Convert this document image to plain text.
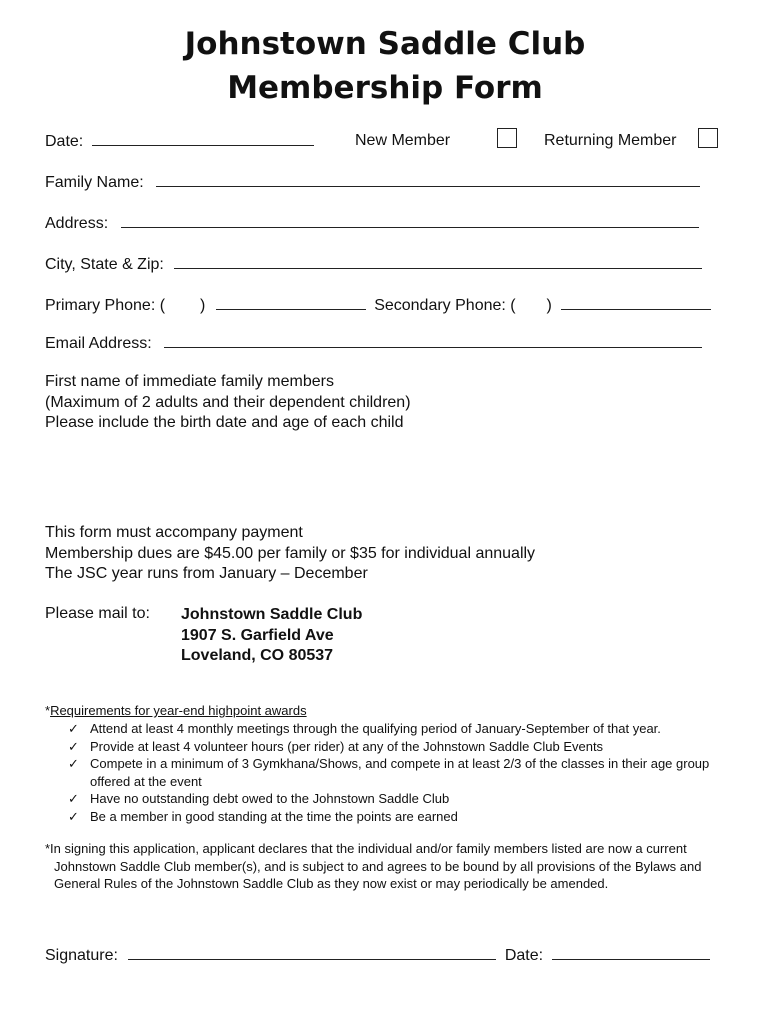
Johnstown Saddle Club
Membership Form
Date:	New Member	Returning Member
Family Name:
Address:
City, State & Zip:
Primary Phone: ( )	Secondary Phone: ( )
Email Address:
First name of immediate family members
(Maximum of 2 adults and their dependent children)
Please include the birth date and age of each child
This form must accompany payment
Membership dues are $45.00 per family or $35 for individual annually
The JSC year runs from January – December
Please mail to: Johnstown Saddle Club
1907 S. Garfield Ave
Loveland, CO 80537
*Requirements for year-end highpoint awards
✓ Attend at least 4 monthly meetings through the qualifying period of January-September of that year.
✓ Provide at least 4 volunteer hours (per rider) at any of the Johnstown Saddle Club Events
✓ Compete in a minimum of 3 Gymkhana/Shows, and compete in at least 2/3 of the classes in their age group offered at the event
✓ Have no outstanding debt owed to the Johnstown Saddle Club
✓ Be a member in good standing at the time the points are earned
*In signing this application, applicant declares that the individual and/or family members listed are now a current Johnstown Saddle Club member(s), and is subject to and agrees to be bound by all provisions of the Bylaws and General Rules of the Johnstown Saddle Club as they now exist or may periodically be amended.
Signature:	Date:
